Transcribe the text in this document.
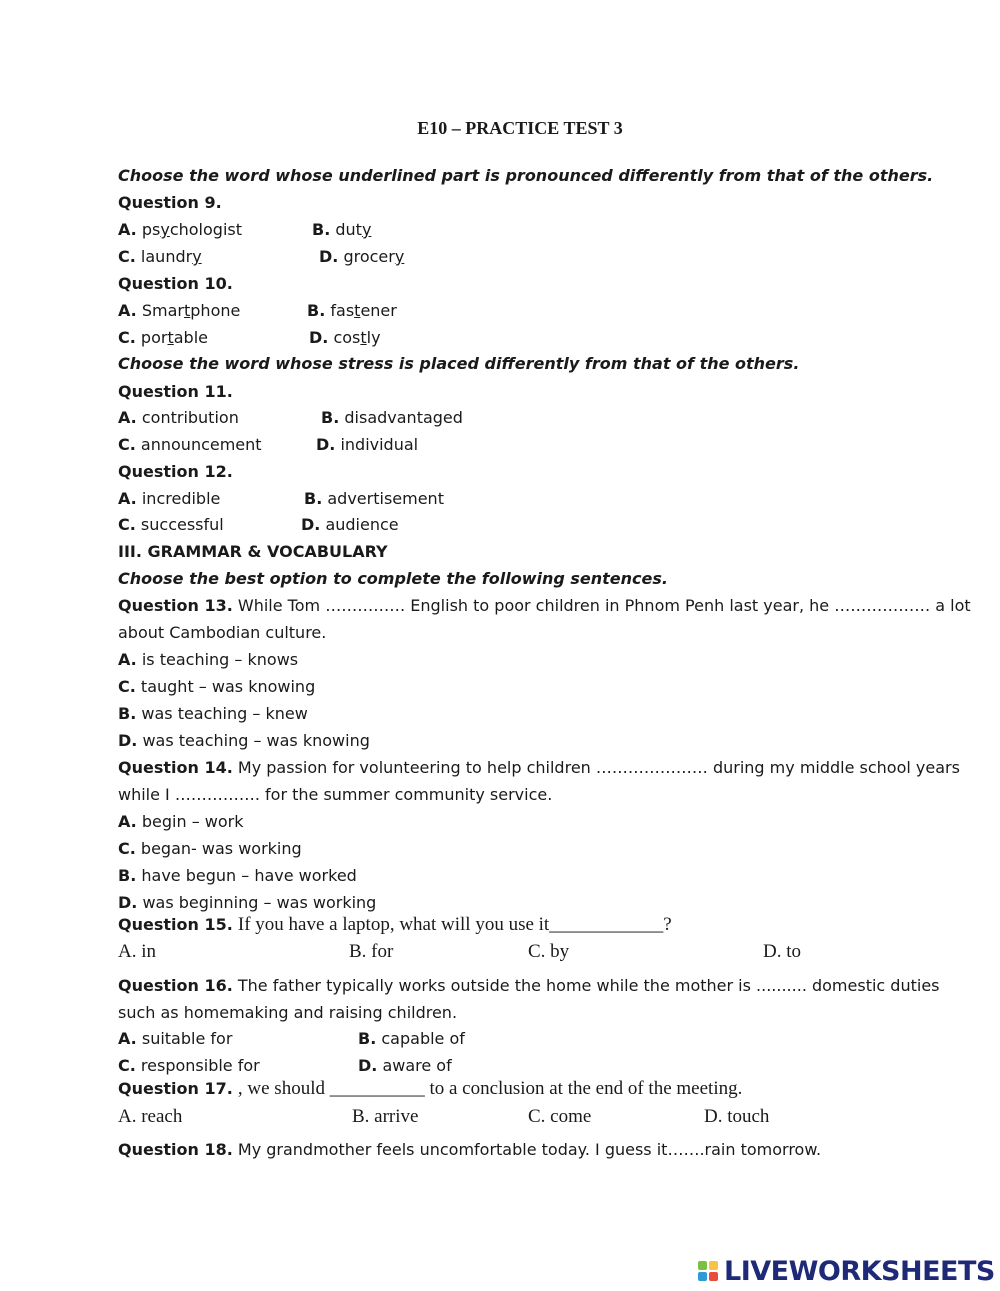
E10 – PRACTICE TEST 3
Choose the word whose underlined part is pronounced differently from that of the others.
Question 9.
A. psychologist	B. duty
C. laundry	D. grocery
Question 10.
A. Smartphone	B. fastener
C. portable	D. costly
Choose the word whose stress is placed differently from that of the others.
Question 11.
A. contribution	B. disadvantaged
C. announcement	D. individual
Question 12.
A. incredible	B. advertisement
C. successful	D. audience
III. GRAMMAR & VOCABULARY
Choose the best option to complete the following sentences.
Question 13. While Tom …………… English to poor children in Phnom Penh last year, he ……………… a lot
about Cambodian culture.
A. is teaching – knows
C. taught – was knowing
B. was teaching – knew
D. was teaching – was knowing
Question 14. My passion for volunteering to help children ………………… during my middle school years
while I ……………. for the summer community service.
A. begin – work
C. began- was working
B. have begun – have worked
D. was beginning – was working
Question 15. If you have a laptop, what will you use it____________?
A. in	B. for	C. by	D. to
Question 16. The father typically works outside the home while the mother is .......... domestic duties
such as homemaking and raising children.
A. suitable for	B. capable of
C. responsible for	D. aware of
Question 17. , we should __________ to a conclusion at the end of the meeting.
A. reach	B. arrive	C. come	D. touch
Question 18. My grandmother feels uncomfortable today. I guess it…….rain tomorrow.
LIVEWORKSHEETS
